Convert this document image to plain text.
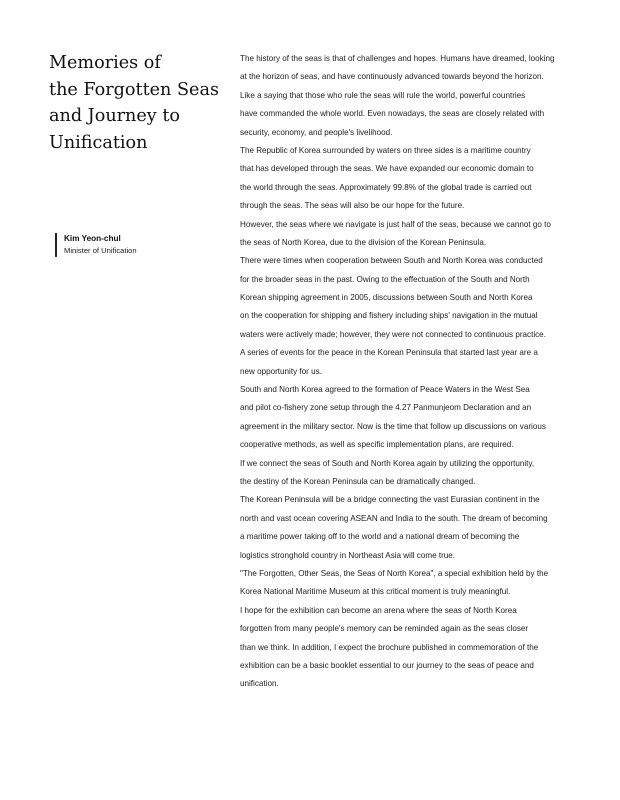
Memories of
the Forgotten Seas
and Journey to
Unification
Kim Yeon-chul
Minister of Unification
The history of the seas is that of challenges and hopes. Humans have dreamed, looking
at the horizon of seas, and have continuously advanced towards beyond the horizon.
Like a saying that those who rule the seas will rule the world, powerful countries
have commanded the whole world. Even nowadays, the seas are closely related with
security, economy, and people's livelihood.
The Republic of Korea surrounded by waters on three sides is a maritime country
that has developed through the seas. We have expanded our economic domain to
the world through the seas. Approximately 99.8% of the global trade is carried out
through the seas. The seas will also be our hope for the future.
However, the seas where we navigate is just half of the seas, because we cannot go to
the seas of North Korea, due to the division of the Korean Peninsula.
There were times when cooperation between South and North Korea was conducted
for the broader seas in the past. Owing to the effectuation of the South and North
Korean shipping agreement in 2005, discussions between South and North Korea
on the cooperation for shipping and fishery including ships' navigation in the mutual
waters were actively made; however, they were not connected to continuous practice.
A series of events for the peace in the Korean Peninsula that started last year are a
new opportunity for us.
South and North Korea agreed to the formation of Peace Waters in the West Sea
and pilot co-fishery zone setup through the 4.27 Panmunjeom Declaration and an
agreement in the military sector. Now is the time that follow up discussions on various
cooperative methods, as well as specific implementation plans, are required.
If we connect the seas of South and North Korea again by utilizing the opportunity,
the destiny of the Korean Peninsula can be dramatically changed.
The Korean Peninsula will be a bridge connecting the vast Eurasian continent in the
north and vast ocean covering ASEAN and India to the south. The dream of becoming
a maritime power taking off to the world and a national dream of becoming the
logistics stronghold country in Northeast Asia will come true.
"The Forgotten, Other Seas, the Seas of North Korea", a special exhibition held by the
Korea National Maritime Museum at this critical moment is truly meaningful.
I hope for the exhibition can become an arena where the seas of North Korea
forgotten from many people's memory can be reminded again as the seas closer
than we think. In addition, I expect the brochure published in commemoration of the
exhibition can be a basic booklet essential to our journey to the seas of peace and
unification.
